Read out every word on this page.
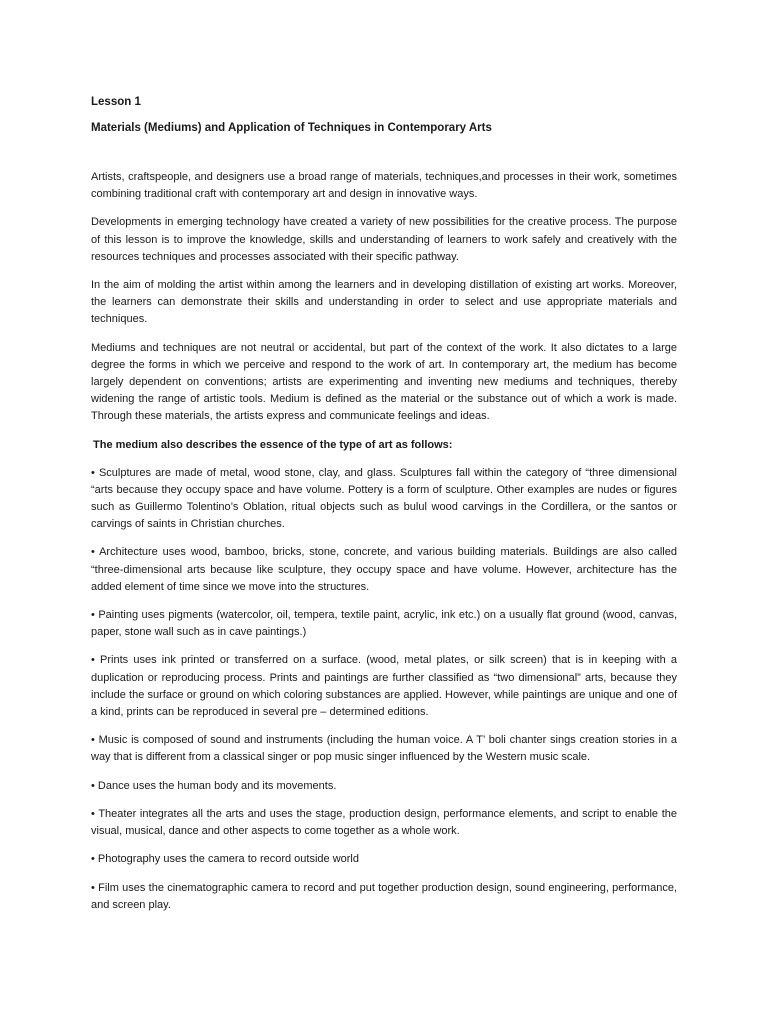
Lesson 1
Materials (Mediums) and Application of Techniques in Contemporary Arts

Artists, craftspeople, and designers use a broad range of materials, techniques,and processes in their work, sometimes combining traditional craft with contemporary art and design in innovative ways.

Developments in emerging technology have created a variety of new possibilities for the creative process. The purpose of this lesson is to improve the knowledge, skills and understanding of learners to work safely and creatively with the resources techniques and processes associated with their specific pathway.

In the aim of molding the artist within among the learners and in developing distillation of existing art works. Moreover, the learners can demonstrate their skills and understanding in order to select and use appropriate materials and techniques.

Mediums and techniques are not neutral or accidental, but part of the context of the work. It also dictates to a large degree the forms in which we perceive and respond to the work of art. In contemporary art, the medium has become largely dependent on conventions; artists are experimenting and inventing new mediums and techniques, thereby widening the range of artistic tools. Medium is defined as the material or the substance out of which a work is made. Through these materials, the artists express and communicate feelings and ideas.

The medium also describes the essence of the type of art as follows:

• Sculptures are made of metal, wood stone, clay, and glass. Sculptures fall within the category of “three dimensional “arts because they occupy space and have volume. Pottery is a form of sculpture. Other examples are nudes or figures such as Guillermo Tolentino’s Oblation, ritual objects such as bulul wood carvings in the Cordillera, or the santos or carvings of saints in Christian churches.

• Architecture uses wood, bamboo, bricks, stone, concrete, and various building materials. Buildings are also called “three-dimensional arts because like sculpture, they occupy space and have volume. However, architecture has the added element of time since we move into the structures.

• Painting uses pigments (watercolor, oil, tempera, textile paint, acrylic, ink etc.) on a usually flat ground (wood, canvas, paper, stone wall such as in cave paintings.)

• Prints uses ink printed or transferred on a surface. (wood, metal plates, or silk screen) that is in keeping with a duplication or reproducing process. Prints and paintings are further classified as “two dimensional” arts, because they include the surface or ground on which coloring substances are applied. However, while paintings are unique and one of a kind, prints can be reproduced in several pre – determined editions.

• Music is composed of sound and instruments (including the human voice. A T’ boli chanter sings creation stories in a way that is different from a classical singer or pop music singer influenced by the Western music scale.

• Dance uses the human body and its movements.

• Theater integrates all the arts and uses the stage, production design, performance elements, and script to enable the visual, musical, dance and other aspects to come together as a whole work.

• Photography uses the camera to record outside world

• Film uses the cinematographic camera to record and put together production design, sound engineering, performance, and screen play.
